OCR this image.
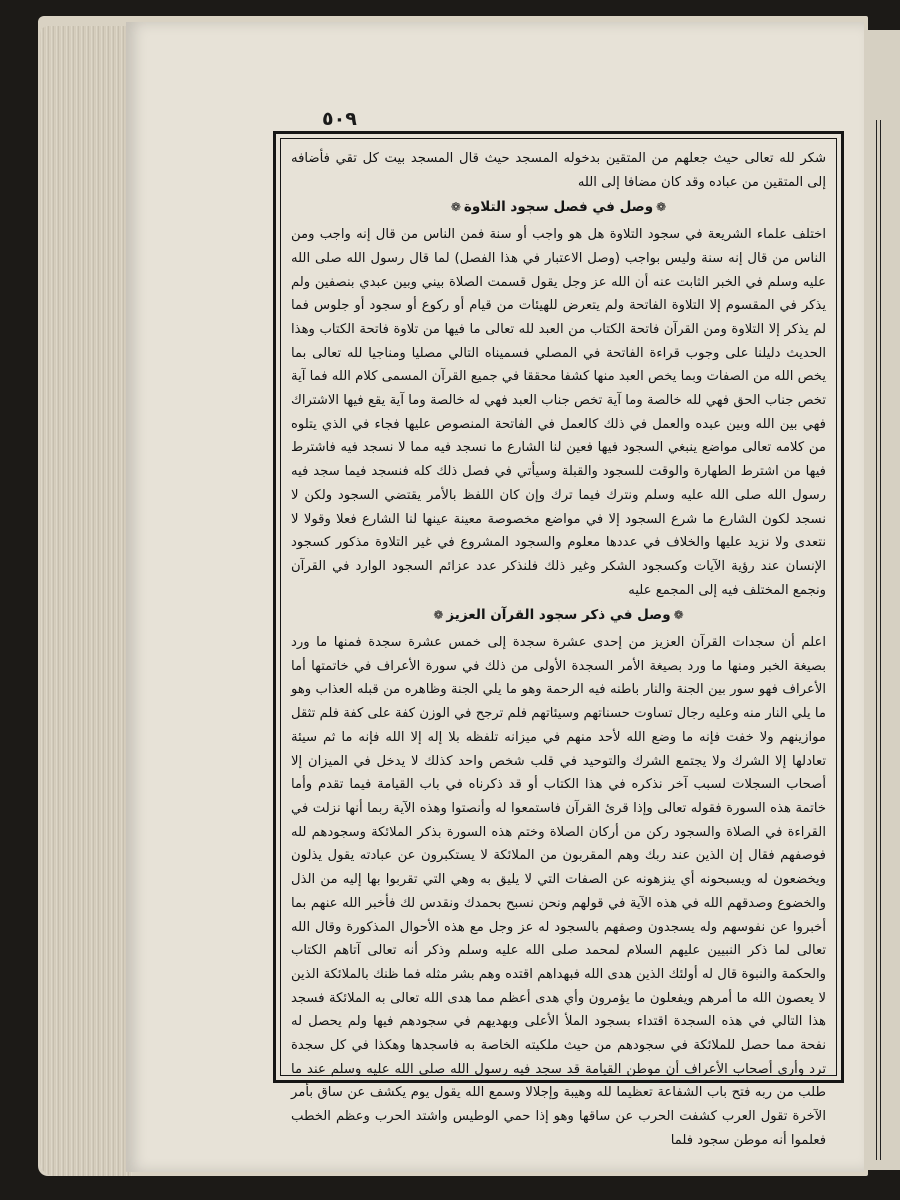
٥٠٩

شكر لله تعالى حيث جعلهم من المتقين بدخوله المسجد حيث قال المسجد بيت كل تقي فأضافه إلى المتقين من عباده وقد كان مضافا إلى الله

❁وصل في فصل سجود التلاوة❁

اختلف علماء الشريعة في سجود التلاوة هل هو واجب أو سنة فمن الناس من قال إنه واجب ومن الناس من قال إنه سنة وليس بواجب (وصل الاعتبار في هذا الفصل) لما قال رسول الله صلى الله عليه وسلم في الخبر الثابت عنه أن الله عز وجل يقول قسمت الصلاة بيني وبين عبدي بنصفين ولم يذكر في المقسوم إلا التلاوة الفاتحة ولم يتعرض للهيئات من قيام أو ركوع أو سجود أو جلوس فما لم يذكر إلا التلاوة ومن القرآن فاتحة الكتاب من العبد لله تعالى ما فيها من تلاوة فاتحة الكتاب وهذا الحديث دليلنا على وجوب قراءة الفاتحة في المصلي فسميناه التالي مصليا ومناجيا لله تعالى بما يخص الله من الصفات وبما يخص العبد منها كشفا محققا في جميع القرآن المسمى كلام الله فما آية تخص جناب الحق فهي لله خالصة وما آية تخص جناب العبد فهي له خالصة وما آية يقع فيها الاشتراك فهي بين الله وبين عبده والعمل في ذلك كالعمل في الفاتحة المنصوص عليها فجاء في الذي يتلوه من كلامه تعالى مواضع ينبغي السجود فيها فعين لنا الشارع ما نسجد فيه مما لا نسجد فيه فاشترط فيها من اشترط الطهارة والوقت للسجود والقبلة وسيأتي في فصل ذلك كله فنسجد فيما سجد فيه رسول الله صلى الله عليه وسلم ونترك فيما ترك وإن كان اللفظ بالأمر يقتضي السجود ولكن لا نسجد لكون الشارع ما شرع السجود إلا في مواضع مخصوصة معينة عينها لنا الشارع فعلا وقولا لا نتعدى ولا نزيد عليها والخلاف في عددها معلوم والسجود المشروع في غير التلاوة مذكور كسجود الإنسان عند رؤية الآيات وكسجود الشكر وغير ذلك فلنذكر عدد عزائم السجود الوارد في القرآن ونجمع المختلف فيه إلى المجمع عليه

❁وصل في ذكر سجود القرآن العزيز❁

اعلم أن سجدات القرآن العزيز من إحدى عشرة سجدة إلى خمس عشرة سجدة فمنها ما ورد بصيغة الخبر ومنها ما ورد بصيغة الأمر السجدة الأولى من ذلك في سورة الأعراف في خاتمتها أما الأعراف فهو سور بين الجنة والنار باطنه فيه الرحمة وهو ما يلي الجنة وظاهره من قبله العذاب وهو ما يلي النار منه وعليه رجال تساوت حسناتهم وسيئاتهم فلم ترجح في الوزن كفة على كفة فلم تثقل موازينهم ولا خفت فإنه ما وضع الله لأحد منهم في ميزانه تلفظه بلا إله إلا الله فإنه ما ثم سيئة تعادلها إلا الشرك ولا يجتمع الشرك والتوحيد في قلب شخص واحد كذلك لا يدخل في الميزان إلا أصحاب السجلات لسبب آخر نذكره في هذا الكتاب أو قد ذكرناه في باب القيامة فيما تقدم وأما خاتمة هذه السورة فقوله تعالى وإذا قرئ القرآن فاستمعوا له وأنصتوا وهذه الآية ربما أنها نزلت في القراءة في الصلاة والسجود ركن من أركان الصلاة وختم هذه السورة بذكر الملائكة وسجودهم لله فوصفهم فقال إن الذين عند ربك وهم المقربون من الملائكة لا يستكبرون عن عبادته يقول يذلون ويخضعون له ويسبحونه أي ينزهونه عن الصفات التي لا يليق به وهي التي تقربوا بها إليه من الذل والخضوع وصدقهم الله في هذه الآية في قولهم ونحن نسبح بحمدك ونقدس لك فأخبر الله عنهم بما أخبروا عن نفوسهم وله يسجدون وصفهم بالسجود له عز وجل مع هذه الأحوال المذكورة وقال الله تعالى لما ذكر النبيين عليهم السلام لمحمد صلى الله عليه وسلم وذكر أنه تعالى آتاهم الكتاب والحكمة والنبوة قال له أولئك الذين هدى الله فبهداهم اقتده وهم بشر مثله فما ظنك بالملائكة الذين لا يعصون الله ما أمرهم ويفعلون ما يؤمرون وأي هدى أعظم مما هدى الله تعالى به الملائكة فسجد هذا التالي في هذه السجدة اقتداء بسجود الملأ الأعلى وبهديهم في سجودهم فيها ولم يحصل له نفحة مما حصل للملائكة في سجودهم من حيث ملكيته الخاصة به فاسجدها وهكذا في كل سجدة ترد وأرى أصحاب الأعراف أن موطن القيامة قد سجد فيه رسول الله صلى الله عليه وسلم عند ما طلب من ربه فتح باب الشفاعة تعظيما لله وهيبة وإجلالا وسمع الله يقول يوم يكشف عن ساق بأمر الآخرة تقول العرب كشفت الحرب عن ساقها وهو إذا حمي الوطيس واشتد الحرب وعظم الخطب فعلموا أنه موطن سجود فلما
